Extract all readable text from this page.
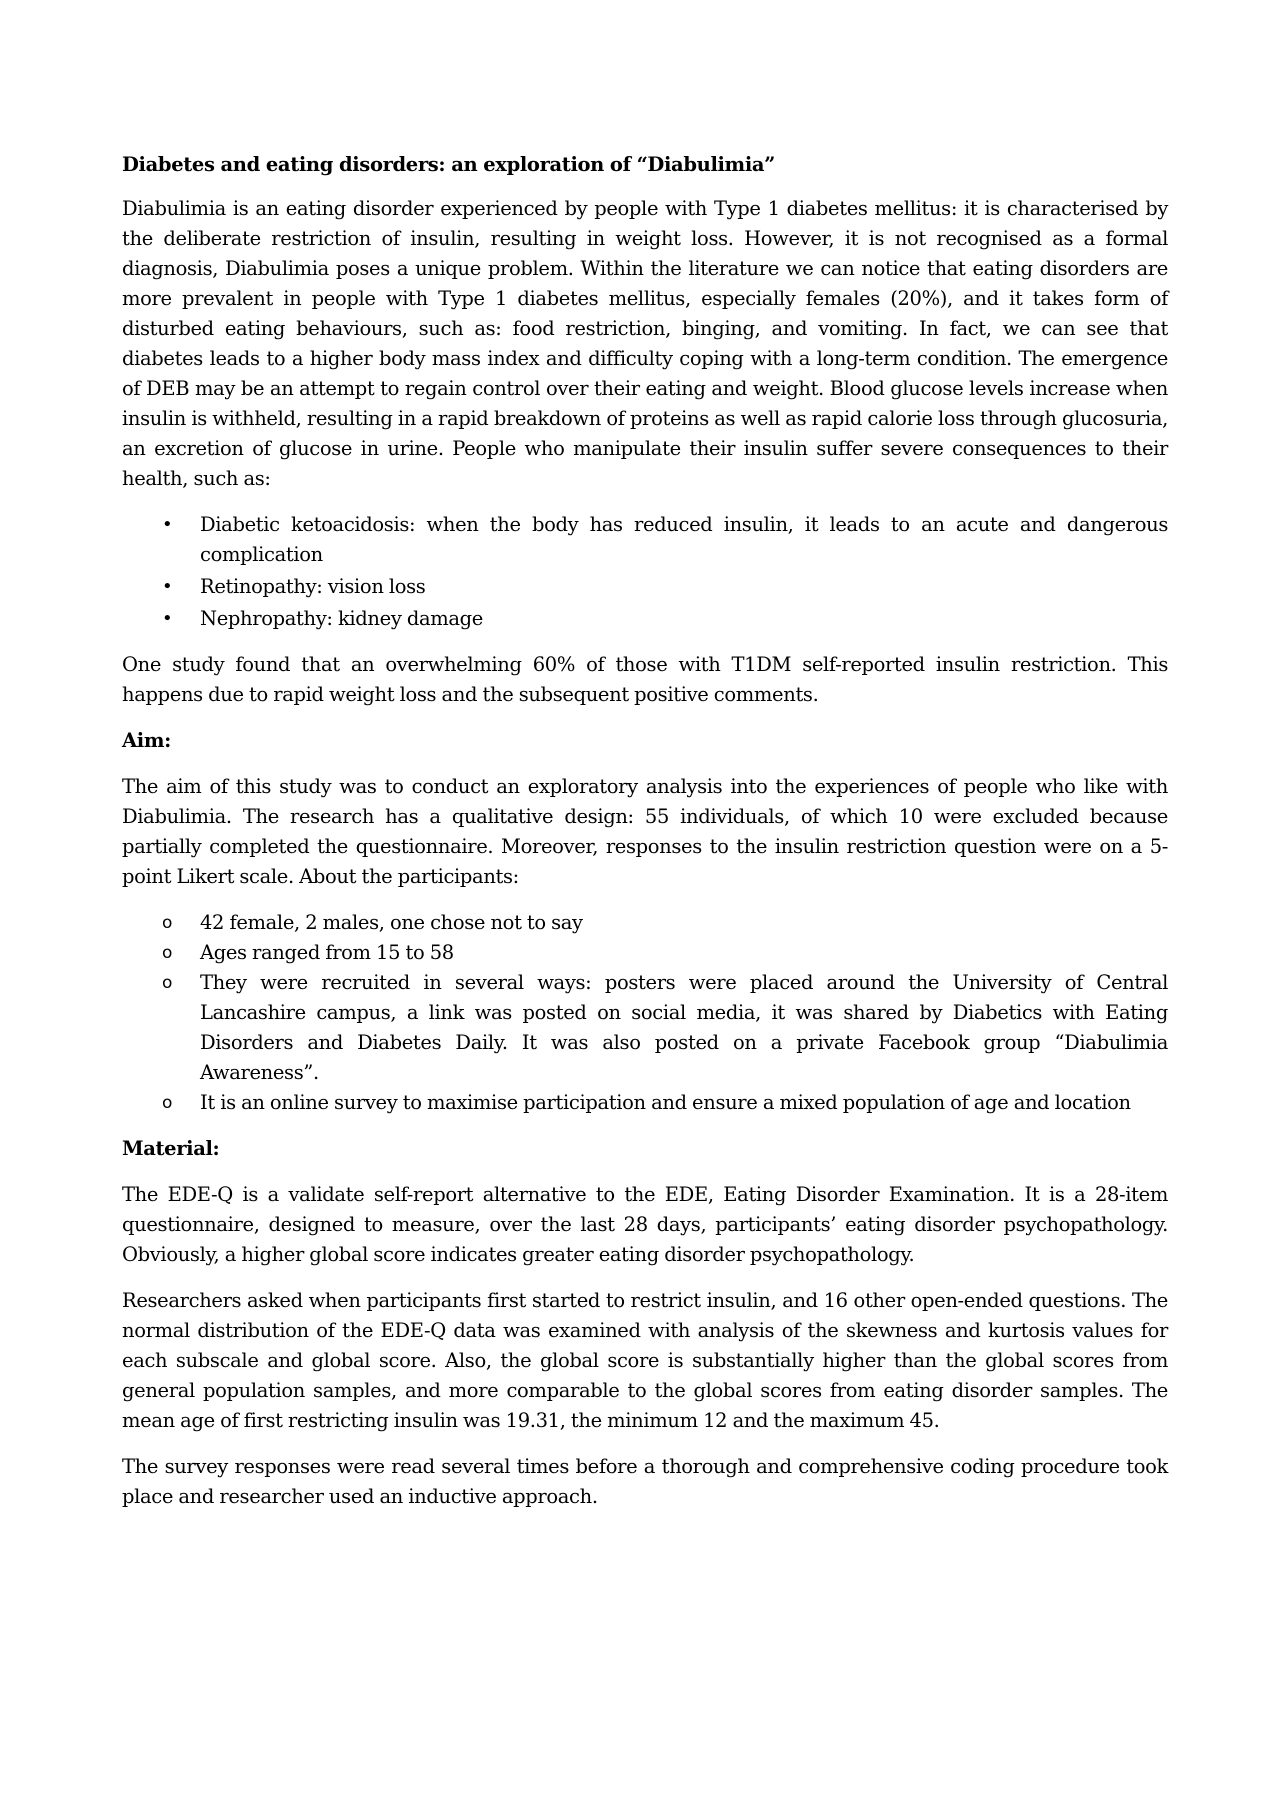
Diabetes and eating disorders: an exploration of “Diabulimia”

Diabulimia is an eating disorder experienced by people with Type 1 diabetes mellitus: it is characterised by the deliberate restriction of insulin, resulting in weight loss. However, it is not recognised as a formal diagnosis, Diabulimia poses a unique problem. Within the literature we can notice that eating disorders are more prevalent in people with Type 1 diabetes mellitus, especially females (20%), and it takes form of disturbed eating behaviours, such as: food restriction, binging, and vomiting. In fact, we can see that diabetes leads to a higher body mass index and difficulty coping with a long-term condition. The emergence of DEB may be an attempt to regain control over their eating and weight. Blood glucose levels increase when insulin is withheld, resulting in a rapid breakdown of proteins as well as rapid calorie loss through glucosuria, an excretion of glucose in urine. People who manipulate their insulin suffer severe consequences to their health, such as:

• Diabetic ketoacidosis: when the body has reduced insulin, it leads to an acute and dangerous complication
• Retinopathy: vision loss
• Nephropathy: kidney damage

One study found that an overwhelming 60% of those with T1DM self-reported insulin restriction. This happens due to rapid weight loss and the subsequent positive comments.

Aim:

The aim of this study was to conduct an exploratory analysis into the experiences of people who like with Diabulimia. The research has a qualitative design: 55 individuals, of which 10 were excluded because partially completed the questionnaire. Moreover, responses to the insulin restriction question were on a 5-point Likert scale. About the participants:

o 42 female, 2 males, one chose not to say
o Ages ranged from 15 to 58
o They were recruited in several ways: posters were placed around the University of Central Lancashire campus, a link was posted on social media, it was shared by Diabetics with Eating Disorders and Diabetes Daily. It was also posted on a private Facebook group “Diabulimia Awareness”.
o It is an online survey to maximise participation and ensure a mixed population of age and location

Material:

The EDE-Q is a validate self-report alternative to the EDE, Eating Disorder Examination. It is a 28-item questionnaire, designed to measure, over the last 28 days, participants’ eating disorder psychopathology. Obviously, a higher global score indicates greater eating disorder psychopathology.

Researchers asked when participants first started to restrict insulin, and 16 other open-ended questions. The normal distribution of the EDE-Q data was examined with analysis of the skewness and kurtosis values for each subscale and global score. Also, the global score is substantially higher than the global scores from general population samples, and more comparable to the global scores from eating disorder samples. The mean age of first restricting insulin was 19.31, the minimum 12 and the maximum 45.

The survey responses were read several times before a thorough and comprehensive coding procedure took place and researcher used an inductive approach.
